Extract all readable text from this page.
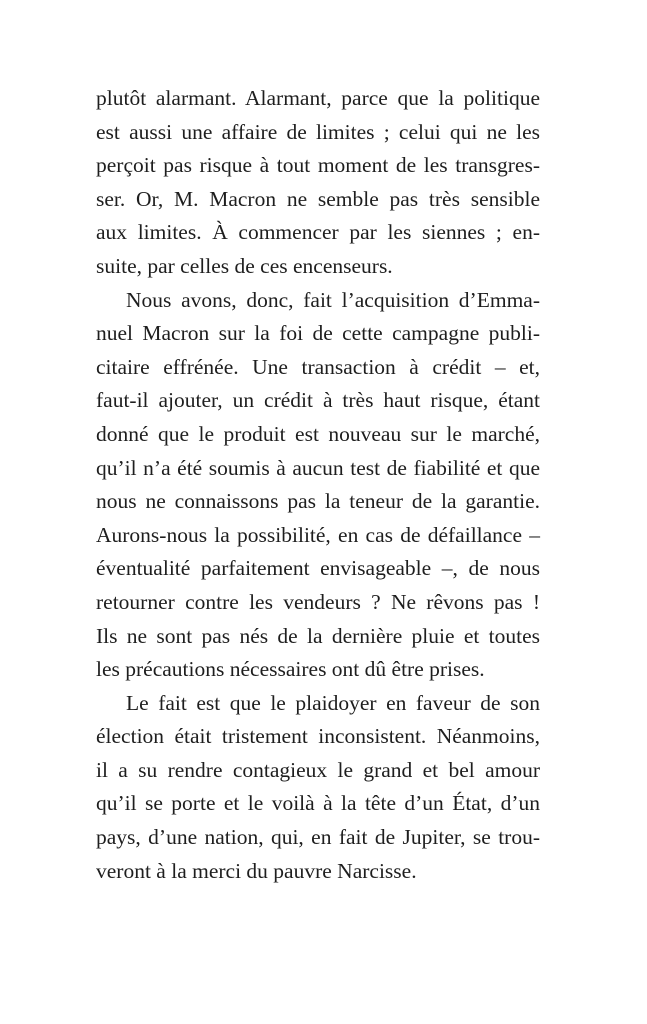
plutôt alarmant. Alarmant, parce que la politique
est aussi une affaire de limites ; celui qui ne les
perçoit pas risque à tout moment de les transgres-
ser. Or, M. Macron ne semble pas très sensible
aux limites. À commencer par les siennes ; en-
suite, par celles de ces encenseurs.
Nous avons, donc, fait l’acquisition d’Emma-
nuel Macron sur la foi de cette campagne publi-
citaire effrénée. Une transaction à crédit – et,
faut-il ajouter, un crédit à très haut risque, étant
donné que le produit est nouveau sur le marché,
qu’il n’a été soumis à aucun test de fiabilité et que
nous ne connaissons pas la teneur de la garantie.
Aurons-nous la possibilité, en cas de défaillance –
éventualité parfaitement envisageable –, de nous
retourner contre les vendeurs ? Ne rêvons pas !
Ils ne sont pas nés de la dernière pluie et toutes
les précautions nécessaires ont dû être prises.
Le fait est que le plaidoyer en faveur de son
élection était tristement inconsistent. Néanmoins,
il a su rendre contagieux le grand et bel amour
qu’il se porte et le voilà à la tête d’un État, d’un
pays, d’une nation, qui, en fait de Jupiter, se trou-
veront à la merci du pauvre Narcisse.
